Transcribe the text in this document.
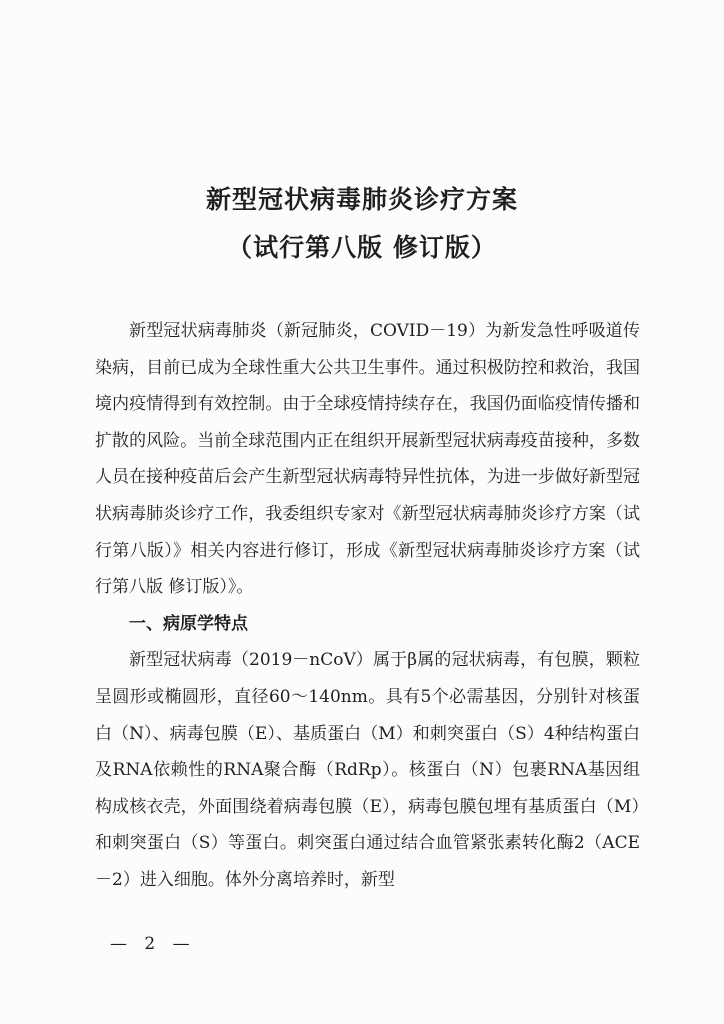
新型冠状病毒肺炎诊疗方案
（试行第八版 修订版）

新型冠状病毒肺炎（新冠肺炎，COVID－19）为新发急性呼吸道传染病，目前已成为全球性重大公共卫生事件。通过积极防控和救治，我国境内疫情得到有效控制。由于全球疫情持续存在，我国仍面临疫情传播和扩散的风险。当前全球范围内正在组织开展新型冠状病毒疫苗接种，多数人员在接种疫苗后会产生新型冠状病毒特异性抗体，为进一步做好新型冠状病毒肺炎诊疗工作，我委组织专家对《新型冠状病毒肺炎诊疗方案（试行第八版）》相关内容进行修订，形成《新型冠状病毒肺炎诊疗方案（试行第八版 修订版）》。

一、病原学特点

新型冠状病毒（2019－nCoV）属于β属的冠状病毒，有包膜，颗粒呈圆形或椭圆形，直径60～140nm。具有5个必需基因，分别针对核蛋白（N）、病毒包膜（E）、基质蛋白（M）和刺突蛋白（S）4种结构蛋白及RNA依赖性的RNA聚合酶（RdRp）。核蛋白（N）包裹RNA基因组构成核衣壳，外面围绕着病毒包膜（E），病毒包膜包埋有基质蛋白（M）和刺突蛋白（S）等蛋白。刺突蛋白通过结合血管紧张素转化酶2（ACE－2）进入细胞。体外分离培养时，新型

— 2 —
